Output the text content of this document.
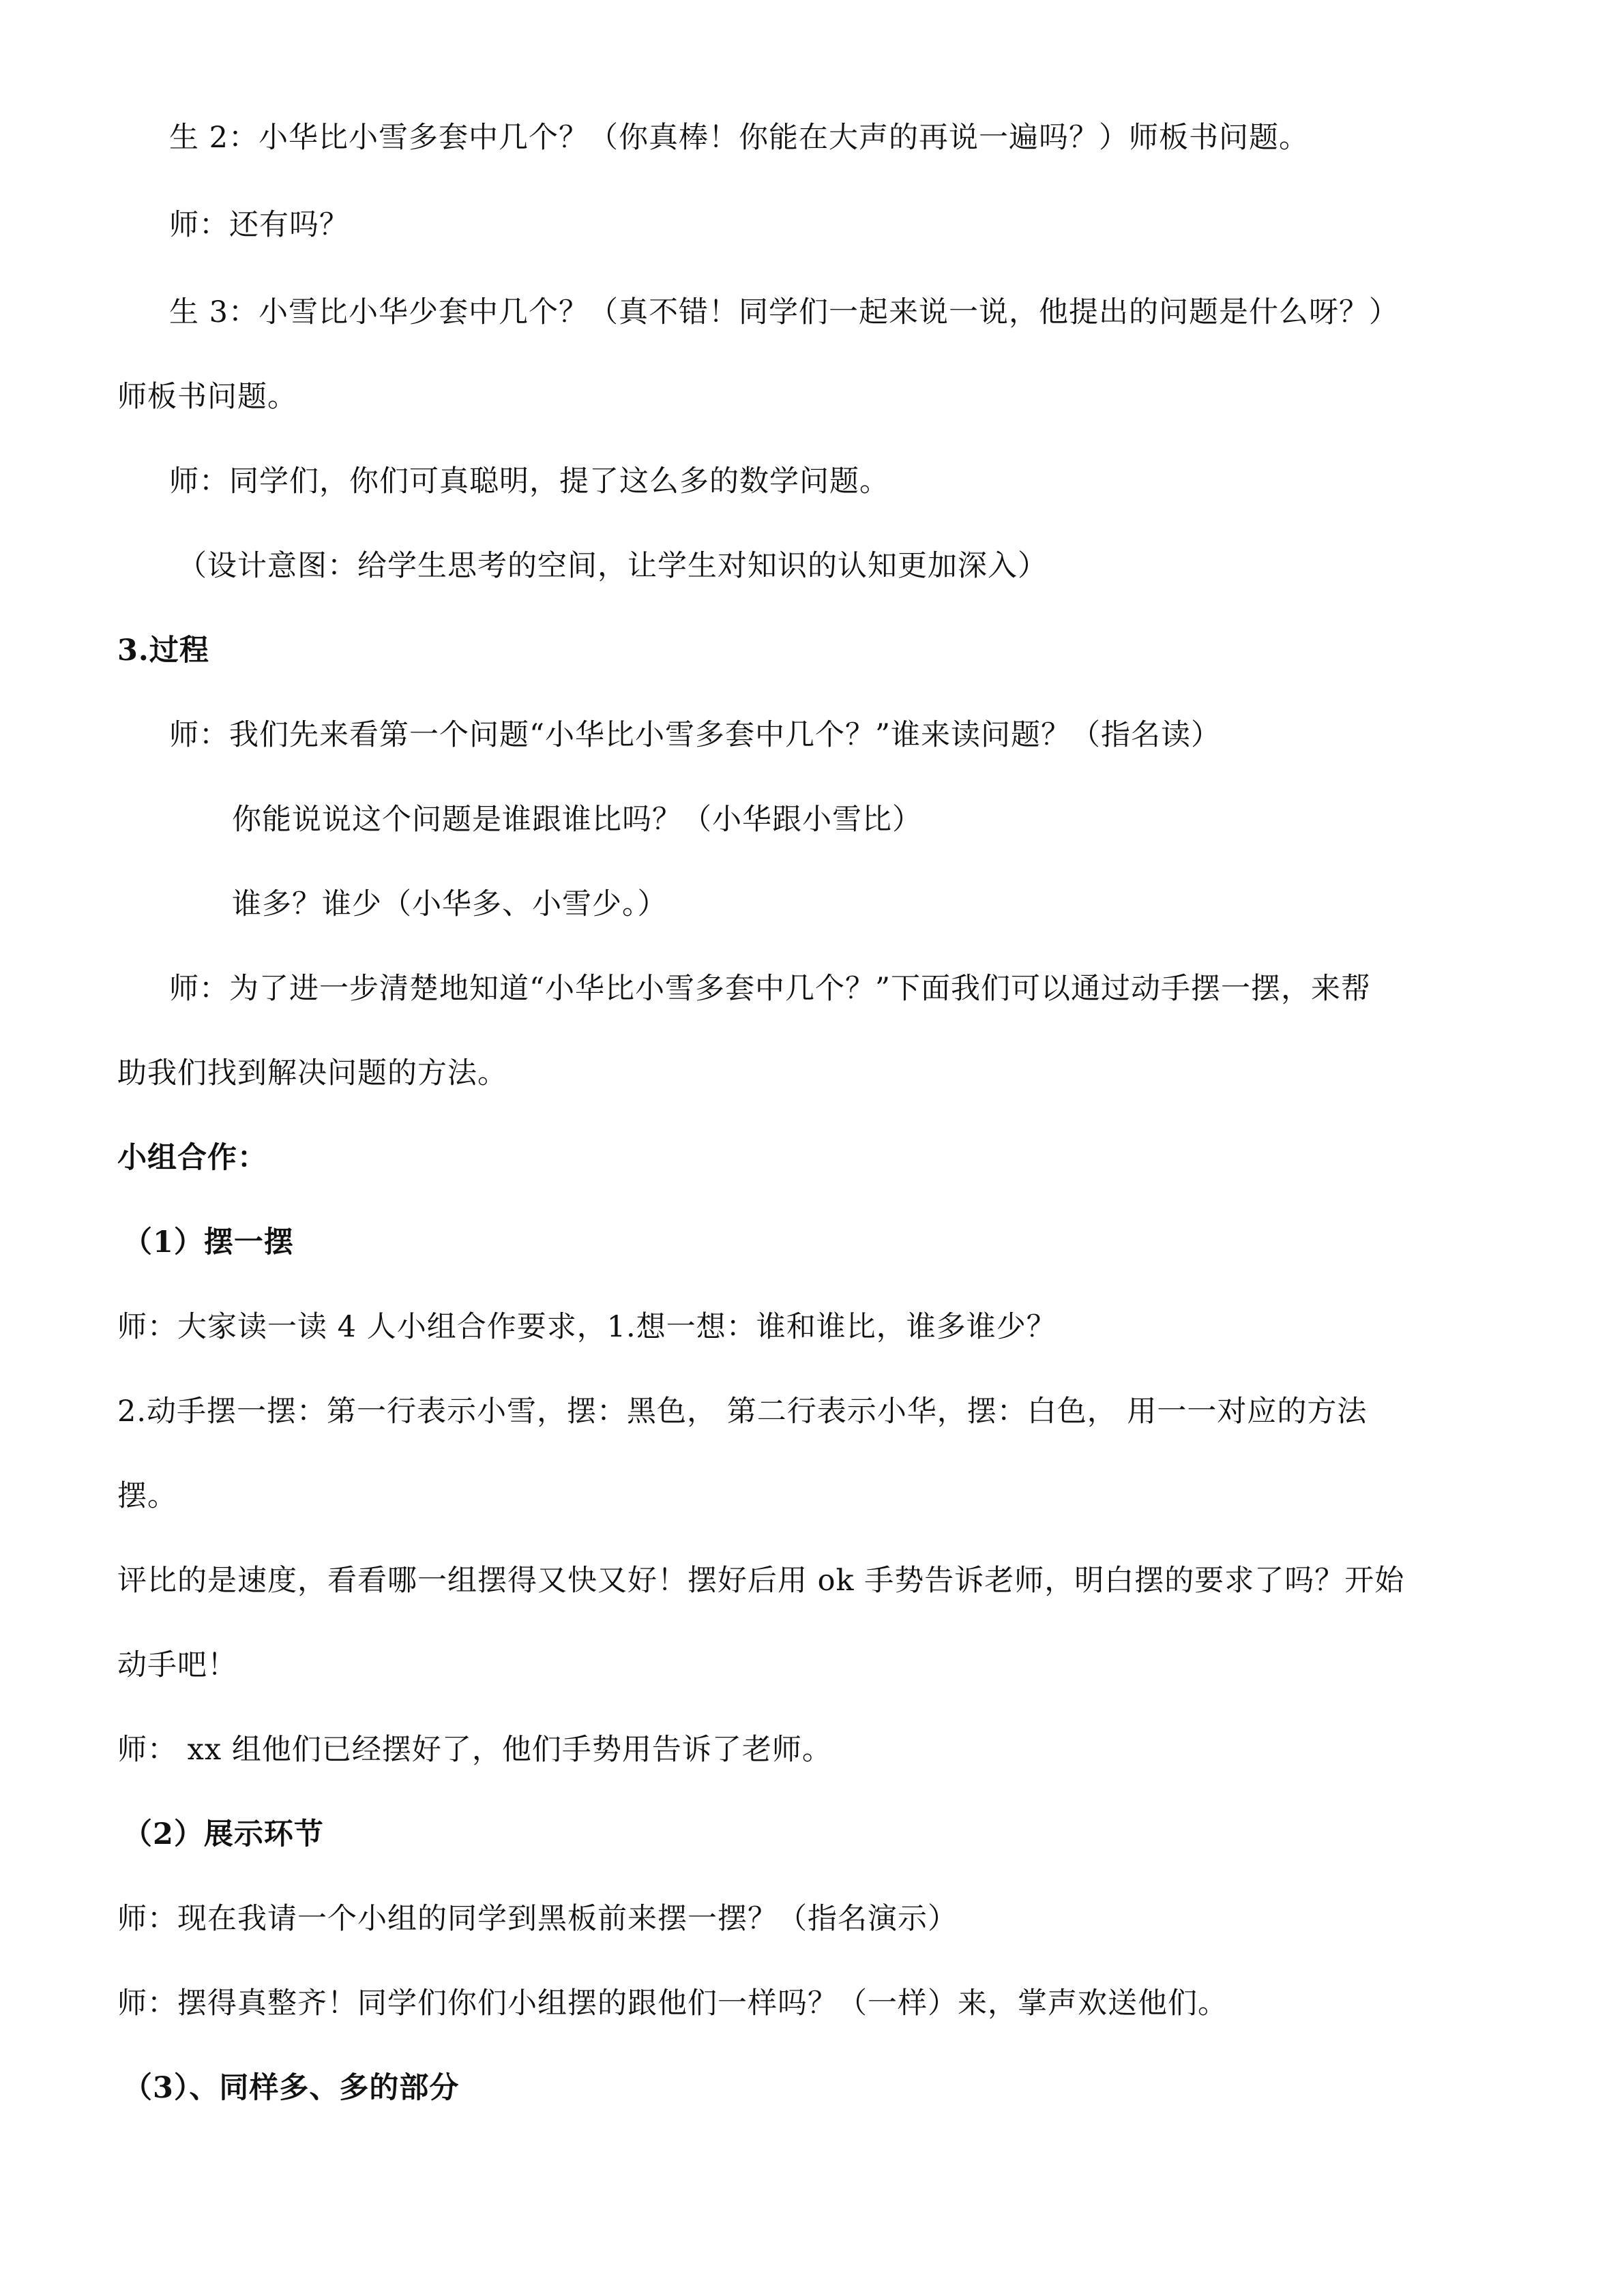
生 2：小华比小雪多套中几个？（你真棒！你能在大声的再说一遍吗？）师板书问题。
师：还有吗？
生 3：小雪比小华少套中几个？（真不错！同学们一起来说一说，他提出的问题是什么呀？）
师板书问题。
师：同学们，你们可真聪明，提了这么多的数学问题。
（设计意图：给学生思考的空间，让学生对知识的认知更加深入）
3.过程
师：我们先来看第一个问题“小华比小雪多套中几个？”谁来读问题？（指名读）
你能说说这个问题是谁跟谁比吗？（小华跟小雪比）
谁多？谁少（小华多、小雪少。）
师：为了进一步清楚地知道“小华比小雪多套中几个？”下面我们可以通过动手摆一摆，来帮
助我们找到解决问题的方法。
小组合作：
（1）摆一摆
师：大家读一读 4 人小组合作要求，1.想一想：谁和谁比，谁多谁少？
2.动手摆一摆：第一行表示小雪，摆：黑色， 第二行表示小华，摆：白色， 用一一对应的方法
摆。
评比的是速度，看看哪一组摆得又快又好！摆好后用 ok 手势告诉老师，明白摆的要求了吗？开始
动手吧！
师： xx 组他们已经摆好了，他们手势用告诉了老师。
（2）展示环节
师：现在我请一个小组的同学到黑板前来摆一摆？（指名演示）
师：摆得真整齐！同学们你们小组摆的跟他们一样吗？（一样）来，掌声欢送他们。
（3）、同样多、多的部分
